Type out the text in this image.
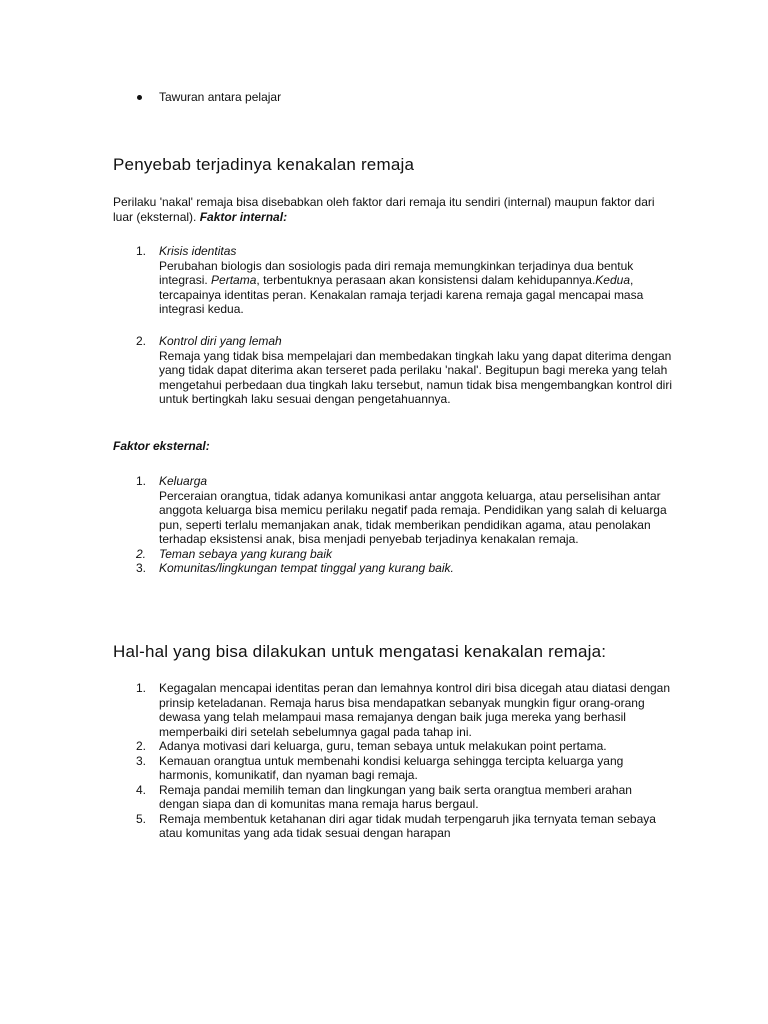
Tawuran antara pelajar
Penyebab terjadinya kenakalan remaja
Perilaku 'nakal' remaja bisa disebabkan oleh faktor dari remaja itu sendiri (internal) maupun faktor dari luar (eksternal). Faktor internal:
1.	Krisis identitas
Perubahan biologis dan sosiologis pada diri remaja memungkinkan terjadinya dua bentuk integrasi. Pertama, terbentuknya perasaan akan konsistensi dalam kehidupannya.Kedua, tercapainya identitas peran. Kenakalan ramaja terjadi karena remaja gagal mencapai masa integrasi kedua.
2.	Kontrol diri yang lemah
Remaja yang tidak bisa mempelajari dan membedakan tingkah laku yang dapat diterima dengan yang tidak dapat diterima akan terseret pada perilaku 'nakal'. Begitupun bagi mereka yang telah mengetahui perbedaan dua tingkah laku tersebut, namun tidak bisa mengembangkan kontrol diri untuk bertingkah laku sesuai dengan pengetahuannya.
Faktor eksternal:
1.	Keluarga
Perceraian orangtua, tidak adanya komunikasi antar anggota keluarga, atau perselisihan antar anggota keluarga bisa memicu perilaku negatif pada remaja. Pendidikan yang salah di keluarga pun, seperti terlalu memanjakan anak, tidak memberikan pendidikan agama, atau penolakan terhadap eksistensi anak, bisa menjadi penyebab terjadinya kenakalan remaja.
2.	Teman sebaya yang kurang baik
3.	Komunitas/lingkungan tempat tinggal yang kurang baik.
Hal-hal yang bisa dilakukan untuk mengatasi kenakalan remaja:
1.	Kegagalan mencapai identitas peran dan lemahnya kontrol diri bisa dicegah atau diatasi dengan prinsip keteladanan. Remaja harus bisa mendapatkan sebanyak mungkin figur orang-orang dewasa yang telah melampaui masa remajanya dengan baik juga mereka yang berhasil memperbaiki diri setelah sebelumnya gagal pada tahap ini.
2.	Adanya motivasi dari keluarga, guru, teman sebaya untuk melakukan point pertama.
3.	Kemauan orangtua untuk membenahi kondisi keluarga sehingga tercipta keluarga yang harmonis, komunikatif, dan nyaman bagi remaja.
4.	Remaja pandai memilih teman dan lingkungan yang baik serta orangtua memberi arahan dengan siapa dan di komunitas mana remaja harus bergaul.
5.	Remaja membentuk ketahanan diri agar tidak mudah terpengaruh jika ternyata teman sebaya atau komunitas yang ada tidak sesuai dengan harapan
